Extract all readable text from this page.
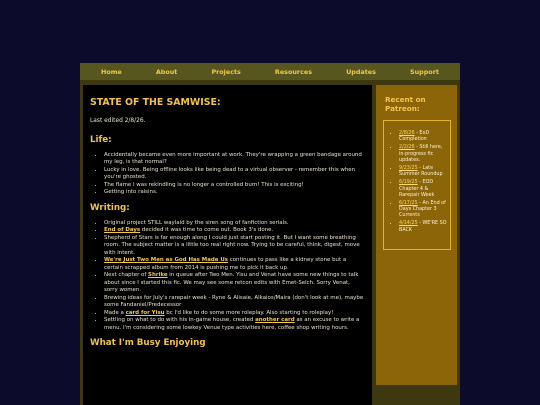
Home	About	Projects	Resources	Updates	Support
STATE OF THE SAMWISE:

Last edited 2/8/26.

Life:
• Accidentally became even more important at work. They're wrapping a green bandage around my leg, is that normal?
• Lucky in love. Being offline looks like being dead to a virtual observer - remember this when you're ghosted.
• The flame I was rekindling is no longer a controlled burn! This is exciting!
• Getting into raisins.
Writing:
• Original project STILL waylaid by the siren song of fanfiction serials.
• End of Days decided it was time to come out. Book 3's done.
• Shepherd of Stars is far enough along I could just start posting it. But I want some breathing room. The subject matter is a little too real right now. Trying to be careful, think, digest, move with intent.
• We're Just Two Men as God Has Made Us continues to pass like a kidney stone but a certain scrapped album from 2014 is pushing me to pick it back up.
• Next chapter of Shrike in queue after Two Men. Yisu and Venat have some new things to talk about since I started this fic. We may see some retcon edits with Emet-Selch. Sorry Venat, sorry women.
• Brewing ideas for July's rarepair week - Ryne & Alisaie, Alkaios/Maira (don't look at me), maybe some Fandaniel/Predecessor
• Made a card for Yisu bc I'd like to do some more roleplay. Also starting to roleplay!
• Settling on what to do with his in-game house, created another card as an excuse to write a menu. I'm considering some lowkey Venue type activities here, coffee shop writing hours.
What I'm Busy Enjoying
Recent on Patreon:
• 2/8/26 - EoD Completion
• 2/2/26 - Still here, in-progress fic updates.
• 9/23/25 - Late Summer Roundup
• 6/19/25 - EOD Chapter 4 & Rarepair Week
• 6/17/25 - An End of Days Chapter 3 Currents
• 4/14/25 - WE'RE SO BACK
